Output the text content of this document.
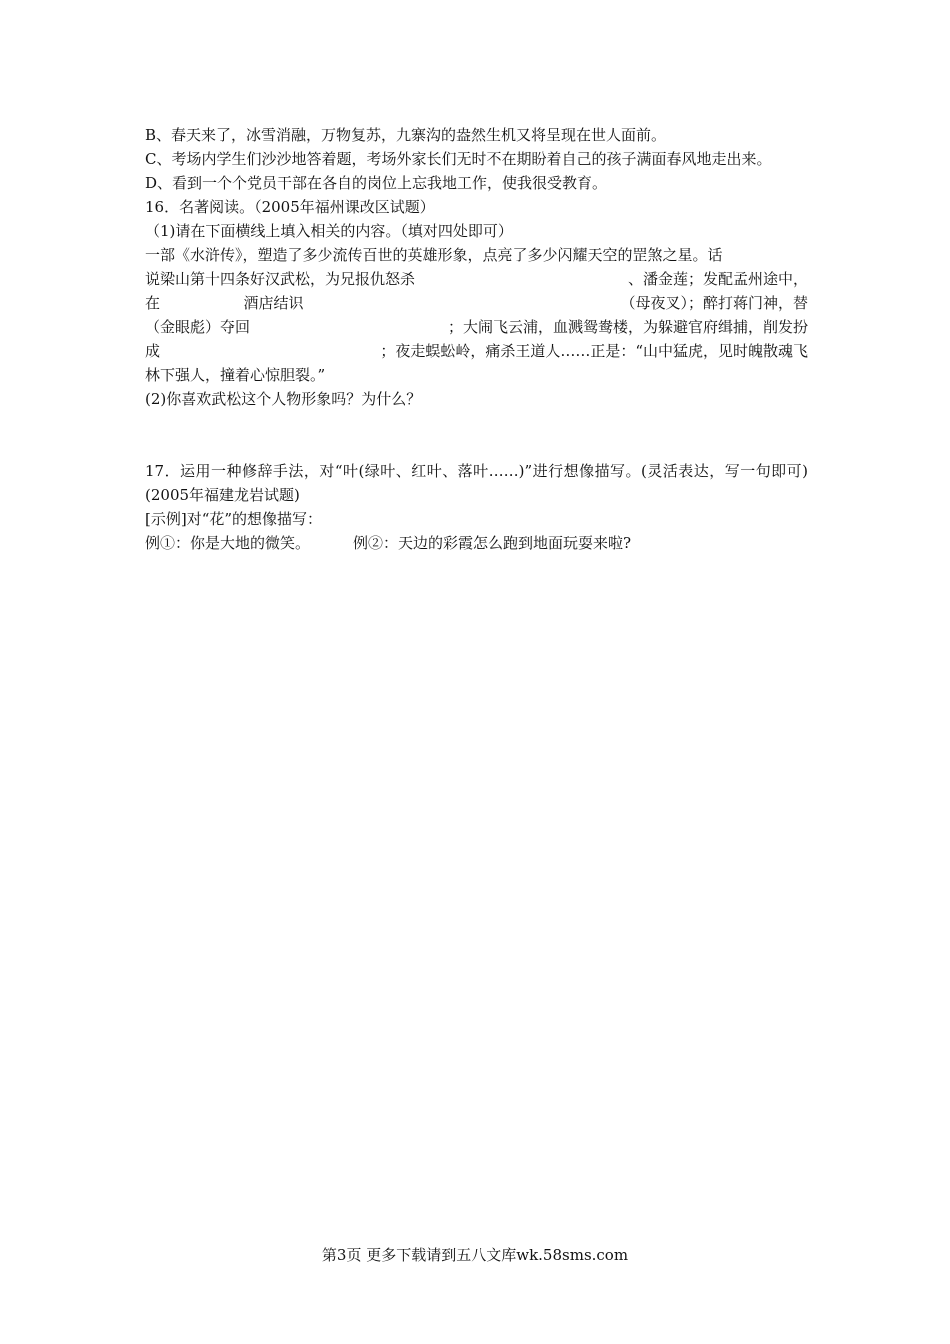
B、春天来了，冰雪消融，万物复苏，九寨沟的盎然生机又将呈现在世人面前。
C、考场内学生们沙沙地答着题，考场外家长们无时不在期盼着自己的孩子满面春风地走出来。
D、看到一个个党员干部在各自的岗位上忘我地工作，使我很受教育。
16．名著阅读。（2005年福州课改区试题）
（1)请在下面横线上填入相关的内容。（填对四处即可）
一部《水浒传》，塑造了多少流传百世的英雄形象，点亮了多少闪耀天空的罡煞之星。话
说梁山第十四条好汉武松，为兄报仇怒杀	、潘金莲；发配孟州途中，
在	酒店结识	（母夜叉）；醉打蒋门神，替
（金眼彪）夺回	；大闹飞云浦，血溅鸳鸯楼，为躲避官府缉捕，削发扮
成	；夜走蜈蚣岭，痛杀王道人……正是：“山中猛虎，见时魄散魂飞
林下强人，撞着心惊胆裂。”
(2)你喜欢武松这个人物形象吗？为什么？
17．运用一种修辞手法，对“叶(绿叶、红叶、落叶……)”进行想像描写。(灵活表达，写一句即可)(2005年福建龙岩试题)
[示例]对“花”的想像描写：
例①：你是大地的微笑。	例②：天边的彩霞怎么跑到地面玩耍来啦?
第3页 更多下载请到五八文库wk.58sms.com
